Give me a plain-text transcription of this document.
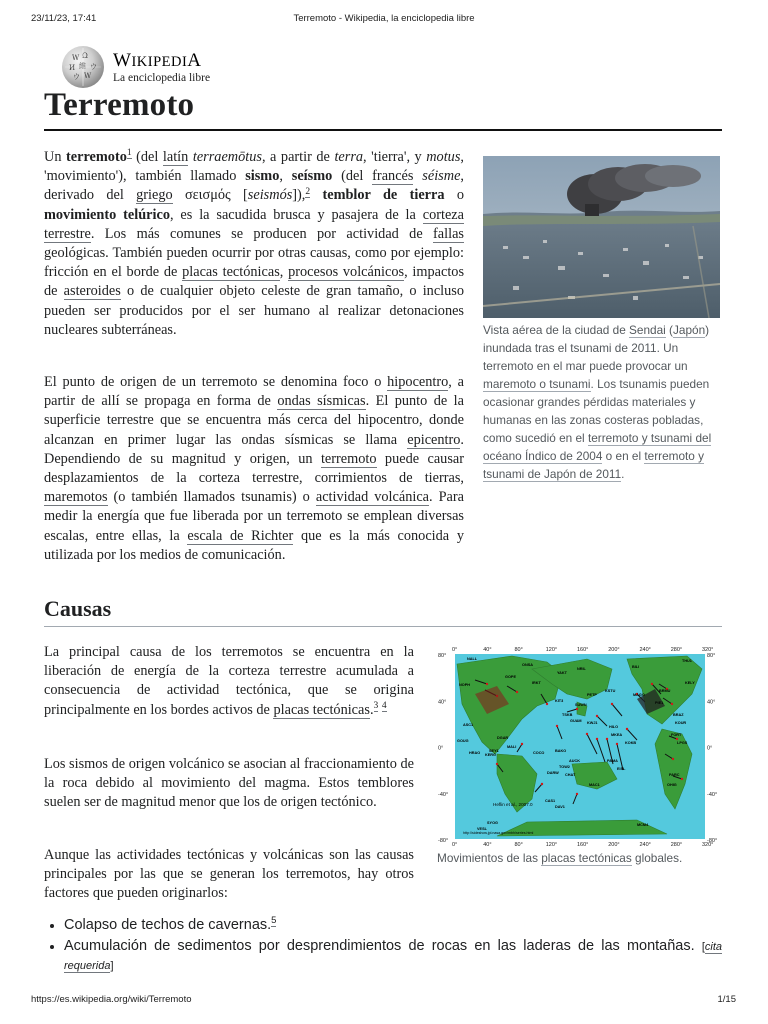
23/11/23, 17:41	Terremoto - Wikipedia, la enciclopedia libre
W Ω
И 維 ウ
ウ W
WIKIPEDIA
La enciclopedia libre
Terremoto

Un terremoto$^1$ (del latín terraemōtus, a partir de terra, 'tierra', y motus, 'movimiento'), también llamado sismo, seísmo (del francés séisme, derivado del griego σεισμός [seismós]),$^2$ temblor de tierra o movimiento telúrico, es la sacudida brusca y pasajera de la corteza terrestre. Los más comunes se producen por actividad de fallas geológicas. También pueden ocurrir por otras causas, como por ejemplo: fricción en el borde de placas tectónicas, procesos volcánicos, impactos de asteroides o de cualquier objeto celeste de gran tamaño, o incluso pueden ser producidos por el ser humano al realizar detonaciones nucleares subterráneas.	Vista aérea de la ciudad de Sendai (Japón) inundada tras el tsunami de 2011. Un terremoto en el mar puede provocar un maremoto o tsunami. Los tsunamis pueden ocasionar grandes pérdidas materiales y humanas en las zonas costeras pobladas, como sucedió en el terremoto y tsunami del océano Índico de 2004 o en el terremoto y tsunami de Japón de 2011.

El punto de origen de un terremoto se denomina foco o hipocentro, a partir de allí se propaga en forma de ondas sísmicas. El punto de la superficie terrestre que se encuentra más cerca del hipocentro, donde alcanzan en primer lugar las ondas sísmicas se llama epicentro. Dependiendo de su magnitud y origen, un terremoto puede causar desplazamientos de la corteza terrestre, corrimientos de tierras, maremotos (o también llamados tsunamis) o actividad volcánica. Para medir la energía que fue liberada por un terremoto se emplean diversas escalas, entre ellas, la escala de Richter que es la más conocida y utilizada por los medios de comunicación.

Causas

La principal causa de los terremotos se encuentra en la liberación de energía de la corteza terrestre acumulada a consecuencia de actividad tectónica, que se origina principalmente en los bordes activos de placas tectónicas.$^3$ $^4$

Los sismos de origen volcánico se asocian al fraccionamiento de la roca debido al movimiento del magma. Estos temblores suelen ser de magnitud menor que los de origen tectónico.

Aunque las actividades tectónicas y volcánicas son las causas principales por las que se generan los terremotos, hay otros factores que pueden originarlos:

80°
40°
0°
-40°
-80°
80°
40°
0°
-40°
-80°
0°	40°	80°	120°	160°	200°	240°	280°	320°
0°	40°	80°	120°	160°	200°	240°	280°	320°
NALL	THU1
ONSA
KELY
NRIL	BILI
NOPH
PETP
YAKT
KSTU
GOPE
IRKT
MAGO
KIT3
SUWN
TSKB
GUAM KWJ1
HILO
MKEA
KOKB
BRMU
PIE1
BRAZ
KOUR
FORT
GOUG
HRAO SEY1
DGAR
COCO
DARW
ASC1
MALI
BAKO
TOW2
AUCK
CHAT
MAC1
CAS1
DAV1
SYOG
VESL
PAMA
EISL
LPGS
PARC
OHIG
MCM4
KERG
Heflin et al., 2007.0
http://sideshow.jpl.nasa.gov/mbh/series.html
Movimientos de las placas tectónicas globales.
Colapso de techos de cavernas.$^5$
Acumulación de sedimentos por desprendimientos de rocas en las laderas de las montañas. [cita requerida]
https://es.wikipedia.org/wiki/Terremoto	1/15
